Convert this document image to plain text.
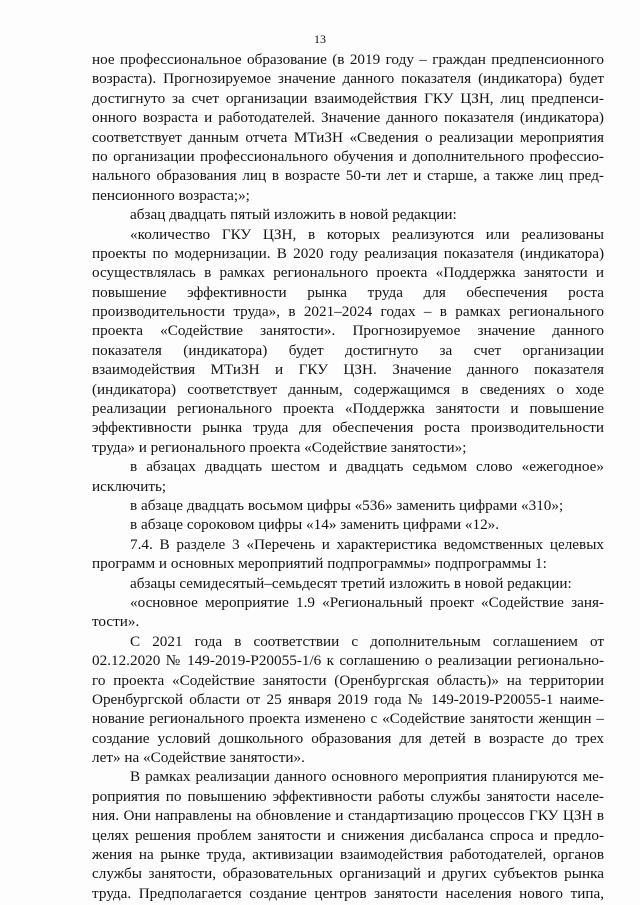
13
ное профессиональное образование (в 2019 году – граждан предпенсионного
возраста). Прогнозируемое значение данного показателя (индикатора) будет
достигнуто за счет организации взаимодействия ГКУ ЦЗН, лиц предпенси-
онного возраста и работодателей. Значение данного показателя (индикатора)
соответствует данным отчета МТиЗН «Сведения о реализации мероприятия
по организации профессионального обучения и дополнительного профессио-
нального образования лиц в возрасте 50-ти лет и старше, а также лиц пред-
пенсионного возраста;»;
абзац двадцать пятый изложить в новой редакции:
«количество ГКУ ЦЗН, в которых реализуются или реализованы
проекты по модернизации. В 2020 году реализация показателя (индикатора)
осуществлялась в рамках регионального проекта «Поддержка занятости и
повышение эффективности рынка труда для обеспечения роста
производительности труда», в 2021–2024 годах – в рамках регионального
проекта «Содействие занятости». Прогнозируемое значение данного
показателя (индикатора) будет достигнуто за счет организации
взаимодействия МТиЗН и ГКУ ЦЗН. Значение данного показателя
(индикатора) соответствует данным, содержащимся в сведениях о ходе
реализации регионального проекта «Поддержка занятости и повышение
эффективности рынка труда для обеспечения роста производительности
труда» и регионального проекта «Содействие занятости»;
в абзацах двадцать шестом и двадцать седьмом слово «ежегодное»
исключить;
в абзаце двадцать восьмом цифры «536» заменить цифрами «310»;
в абзаце сороковом цифры «14» заменить цифрами «12».
7.4. В разделе 3 «Перечень и характеристика ведомственных целевых
программ и основных мероприятий подпрограммы» подпрограммы 1:
абзацы семидесятый–семьдесят третий изложить в новой редакции:
«основное мероприятие 1.9 «Региональный проект «Содействие заня-
тости».
С 2021 года в соответствии с дополнительным соглашением от
02.12.2020 № 149-2019-Р20055-1/6 к соглашению о реализации регионально-
го проекта «Содействие занятости (Оренбургская область)» на территории
Оренбургской области от 25 января 2019 года № 149-2019-Р20055-1 наиме-
нование регионального проекта изменено с «Содействие занятости женщин –
создание условий дошкольного образования для детей в возрасте до трех
лет» на «Содействие занятости».
В рамках реализации данного основного мероприятия планируются ме-
роприятия по повышению эффективности работы службы занятости населе-
ния. Они направлены на обновление и стандартизацию процессов ГКУ ЦЗН в
целях решения проблем занятости и снижения дисбаланса спроса и предло-
жения на рынке труда, активизации взаимодействия работодателей, органов
службы занятости, образовательных организаций и других субъектов рынка
труда. Предполагается создание центров занятости населения нового типа,
